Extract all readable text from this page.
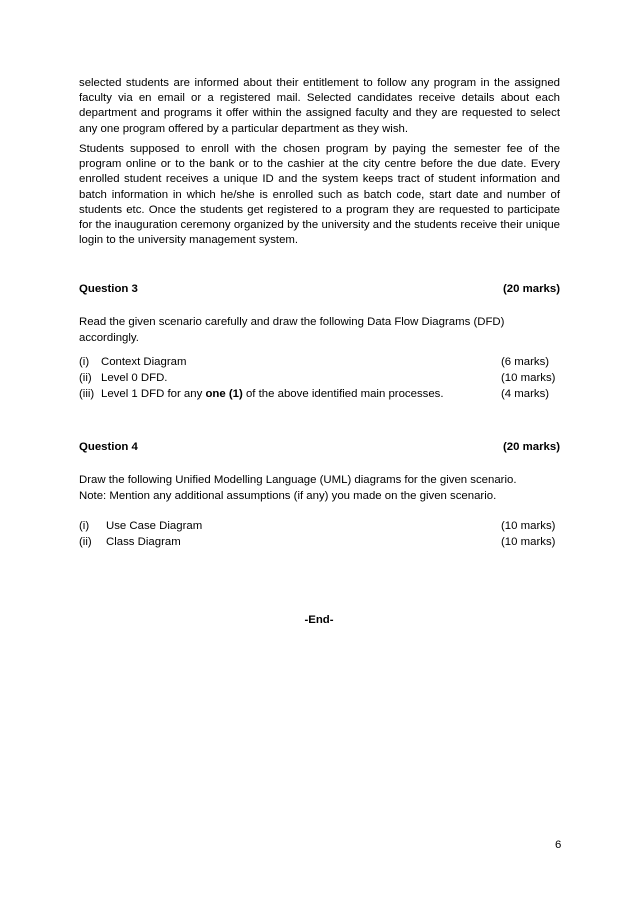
selected students are informed about their entitlement to follow any program in the assigned faculty via en email or a registered mail. Selected candidates receive details about each department and programs it offer within the assigned faculty and they are requested to select any one program offered by a particular department as they wish.

Students supposed to enroll with the chosen program by paying the semester fee of the program online or to the bank or to the cashier at the city centre before the due date. Every enrolled student receives a unique ID and the system keeps tract of student information and batch information in which he/she is enrolled such as batch code, start date and number of students etc. Once the students get registered to a program they are requested to participate for the inauguration ceremony organized by the university and the students receive their unique login to the university management system.

Question 3	(20 marks)

Read the given scenario carefully and draw the following Data Flow Diagrams (DFD) accordingly.

(i) Context Diagram	(6 marks)
(ii) Level 0 DFD.	(10 marks)
(iii) Level 1 DFD for any one (1) of the above identified main processes.	(4 marks)
Question 4	(20 marks)

Draw the following Unified Modelling Language (UML) diagrams for the given scenario.

Note: Mention any additional assumptions (if any) you made on the given scenario.

(i) Use Case Diagram	(10 marks)
(ii) Class Diagram	(10 marks)
-End-
6
